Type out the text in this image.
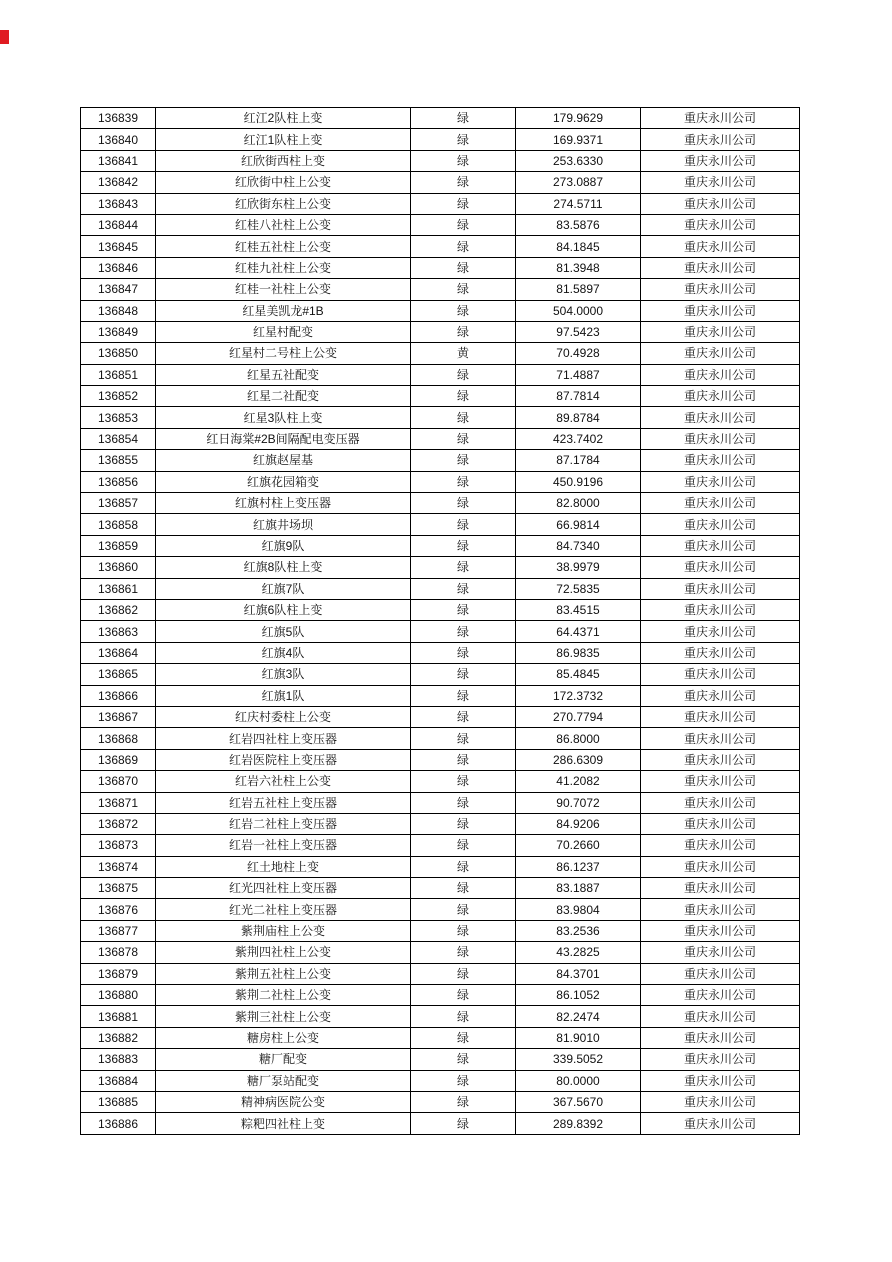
136839	红江2队柱上变	绿	179.9629	重庆永川公司
136840	红江1队柱上变	绿	169.9371	重庆永川公司
136841	红欣街西柱上变	绿	253.6330	重庆永川公司
136842	红欣街中柱上公变	绿	273.0887	重庆永川公司
136843	红欣街东柱上公变	绿	274.5711	重庆永川公司
136844	红桂八社柱上公变	绿	83.5876	重庆永川公司
136845	红桂五社柱上公变	绿	84.1845	重庆永川公司
136846	红桂九社柱上公变	绿	81.3948	重庆永川公司
136847	红桂一社柱上公变	绿	81.5897	重庆永川公司
136848	红星美凯龙#1B	绿	504.0000	重庆永川公司
136849	红星村配变	绿	97.5423	重庆永川公司
136850	红星村二号柱上公变	黄	70.4928	重庆永川公司
136851	红星五社配变	绿	71.4887	重庆永川公司
136852	红星二社配变	绿	87.7814	重庆永川公司
136853	红星3队柱上变	绿	89.8784	重庆永川公司
136854	红日海棠#2B间隔配电变压器	绿	423.7402	重庆永川公司
136855	红旗赵屋基	绿	87.1784	重庆永川公司
136856	红旗花园箱变	绿	450.9196	重庆永川公司
136857	红旗村柱上变压器	绿	82.8000	重庆永川公司
136858	红旗井场坝	绿	66.9814	重庆永川公司
136859	红旗9队	绿	84.7340	重庆永川公司
136860	红旗8队柱上变	绿	38.9979	重庆永川公司
136861	红旗7队	绿	72.5835	重庆永川公司
136862	红旗6队柱上变	绿	83.4515	重庆永川公司
136863	红旗5队	绿	64.4371	重庆永川公司
136864	红旗4队	绿	86.9835	重庆永川公司
136865	红旗3队	绿	85.4845	重庆永川公司
136866	红旗1队	绿	172.3732	重庆永川公司
136867	红庆村委柱上公变	绿	270.7794	重庆永川公司
136868	红岩四社柱上变压器	绿	86.8000	重庆永川公司
136869	红岩医院柱上变压器	绿	286.6309	重庆永川公司
136870	红岩六社柱上公变	绿	41.2082	重庆永川公司
136871	红岩五社柱上变压器	绿	90.7072	重庆永川公司
136872	红岩二社柱上变压器	绿	84.9206	重庆永川公司
136873	红岩一社柱上变压器	绿	70.2660	重庆永川公司
136874	红土地柱上变	绿	86.1237	重庆永川公司
136875	红光四社柱上变压器	绿	83.1887	重庆永川公司
136876	红光二社柱上变压器	绿	83.9804	重庆永川公司
136877	紫荆庙柱上公变	绿	83.2536	重庆永川公司
136878	紫荆四社柱上公变	绿	43.2825	重庆永川公司
136879	紫荆五社柱上公变	绿	84.3701	重庆永川公司
136880	紫荆二社柱上公变	绿	86.1052	重庆永川公司
136881	紫荆三社柱上公变	绿	82.2474	重庆永川公司
136882	糖房柱上公变	绿	81.9010	重庆永川公司
136883	糖厂配变	绿	339.5052	重庆永川公司
136884	糖厂泵站配变	绿	80.0000	重庆永川公司
136885	精神病医院公变	绿	367.5670	重庆永川公司
136886	粽粑四社柱上变	绿	289.8392	重庆永川公司
